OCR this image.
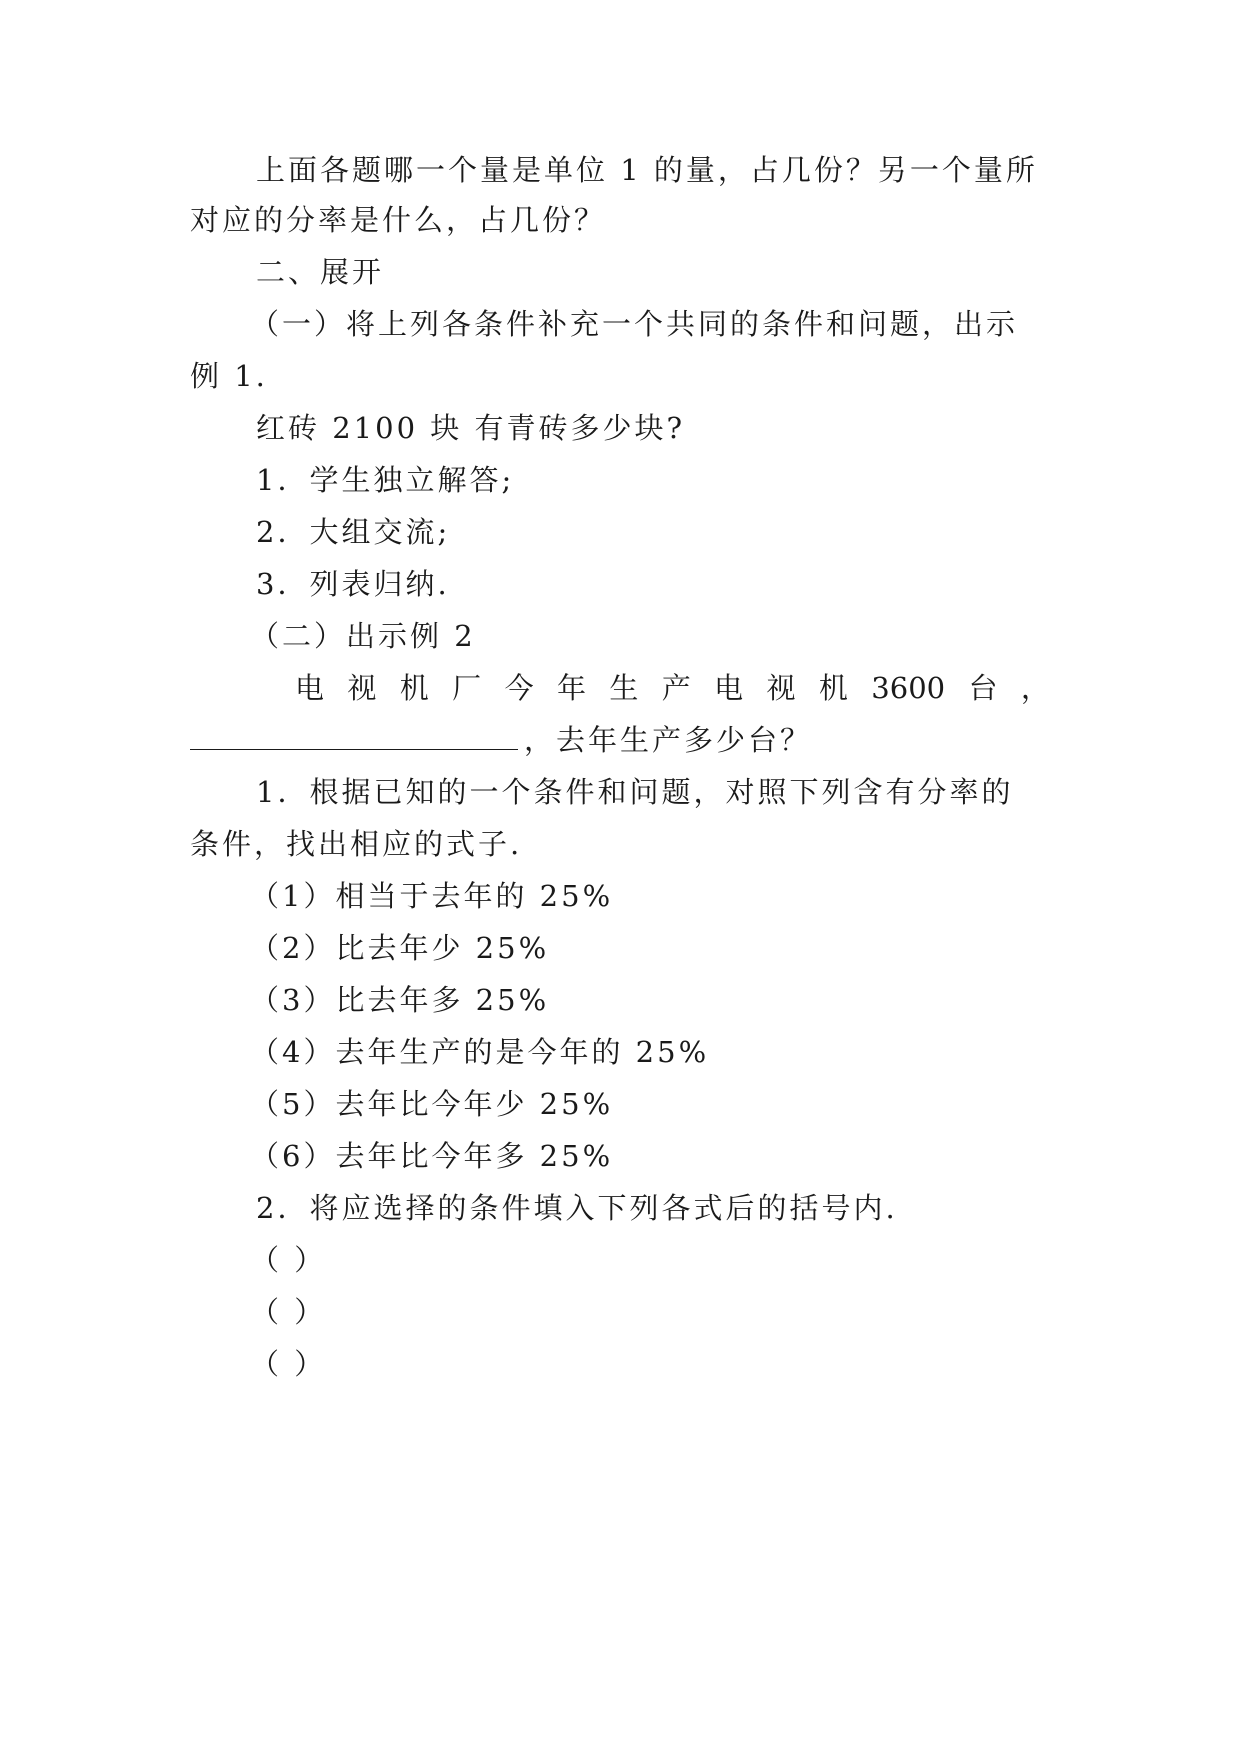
上面各题哪一个量是单位 1 的量，占几份？另一个量所
对应的分率是什么，占几份？
二、展开
（一）将上列各条件补充一个共同的条件和问题，出示
例 1.
红砖 2100 块 有青砖多少块?
1．学生独立解答;
2．大组交流;
3．列表归纳.
（二）出示例 2
电 视 机 厂 今 年 生 产 电 视 机 3600 台 ，
，去年生产多少台？
1．根据已知的一个条件和问题，对照下列含有分率的
条件，找出相应的式子.
（1）相当于去年的 25%
（2）比去年少 25%
（3）比去年多 25%
（4）去年生产的是今年的 25%
（5）去年比今年少 25%
（6）去年比今年多 25%
2．将应选择的条件填入下列各式后的括号内.
（ ）
（ ）
（ ）
